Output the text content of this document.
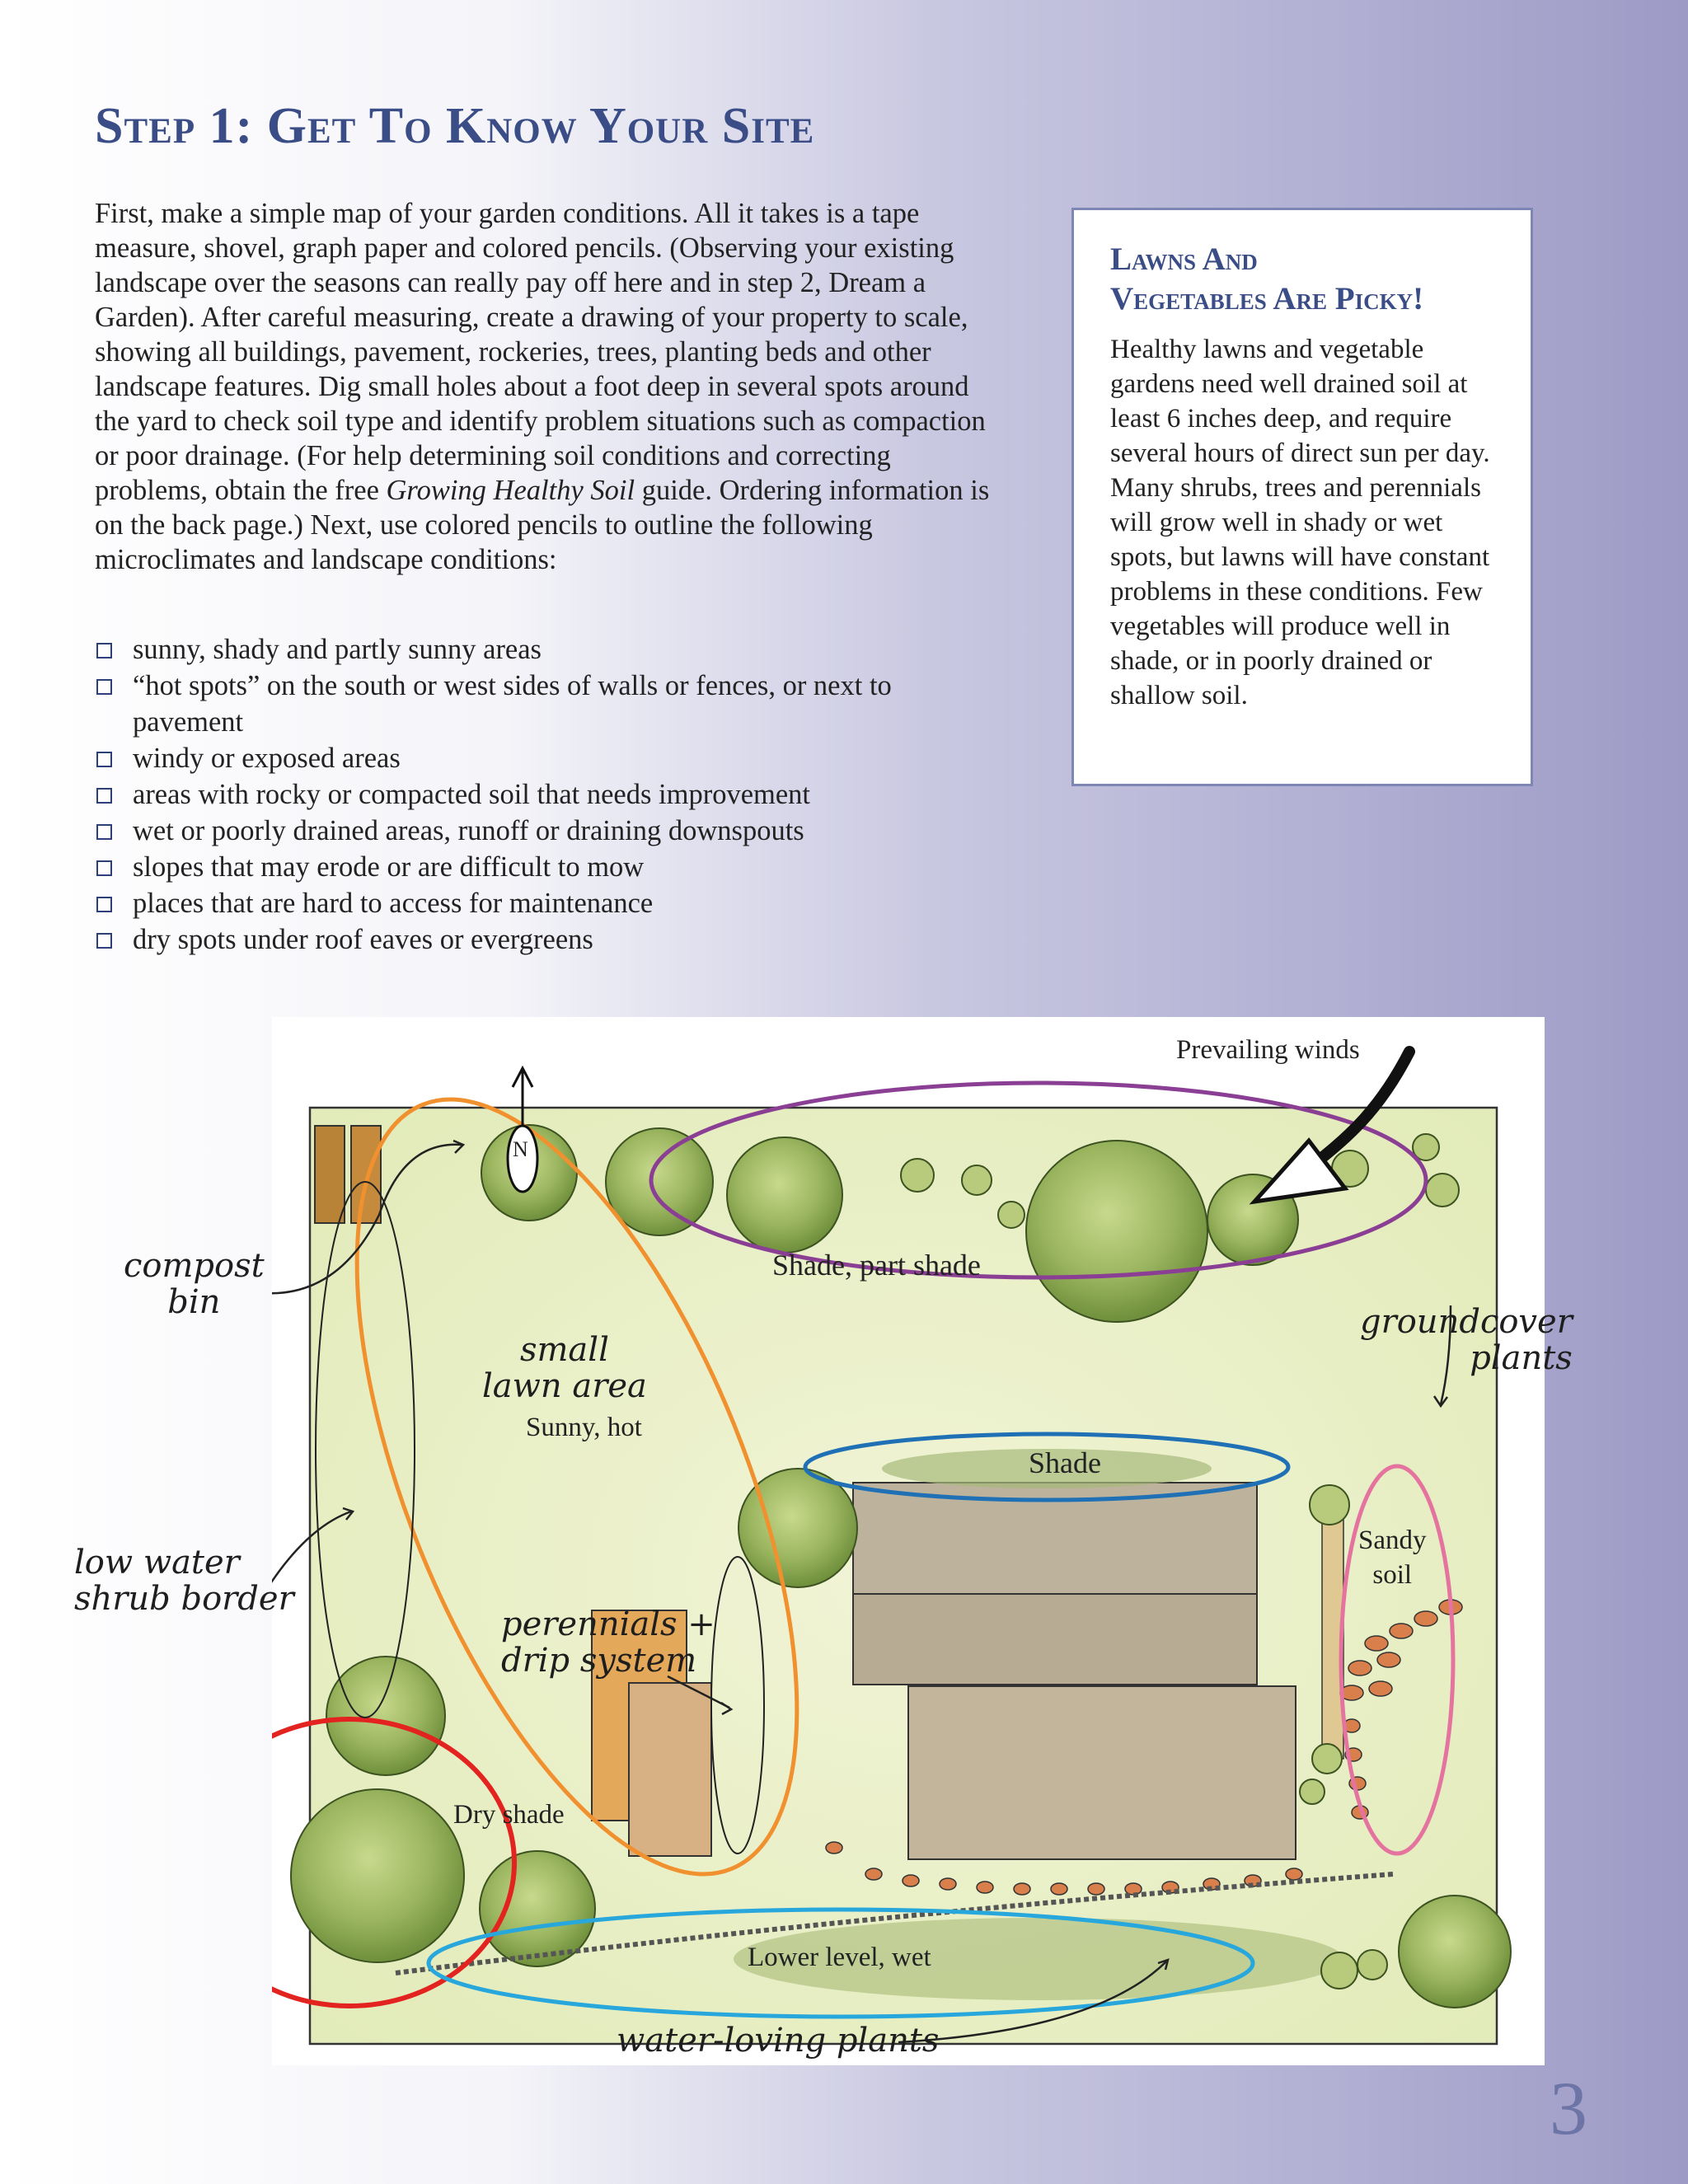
Step 1: Get To Know Your Site

First, make a simple map of your garden conditions. All it takes is a tape measure, shovel, graph paper and colored pencils. (Observing your existing landscape over the seasons can really pay off here and in step 2, Dream a Garden). After careful measuring, create a drawing of your property to scale, showing all buildings, pavement, rockeries, trees, planting beds and other landscape features. Dig small holes about a foot deep in several spots around the yard to check soil type and identify problem situations such as compaction or poor drainage. (For help determining soil conditions and correcting problems, obtain the free Growing Healthy Soil guide. Ordering information is on the back page.) Next, use colored pencils to outline the following microclimates and landscape conditions:

sunny, shady and partly sunny areas
“hot spots” on the south or west sides of walls or fences, or next to pavement
windy or exposed areas
areas with rocky or compacted soil that needs improvement
wet or poorly drained areas, runoff or draining downspouts
slopes that may erode or are difficult to mow
places that are hard to access for maintenance
dry spots under roof eaves or evergreens
Lawns And
Vegetables Are Picky!

Healthy lawns and vegetable gardens need well drained soil at least 6 inches deep, and require several hours of direct sun per day. Many shrubs, trees and perennials will grow well in shady or wet spots, but lawns will have constant problems in these conditions. Few vegetables will produce well in shade, or in poorly drained or shallow soil.

Prevailing winds
N
Shade, part shade
Sunny, hot
Shade
Sandy
soil
Dry shade
Lower level, wet
compost
bin
small
lawn area
low water
shrub border
perennials +
drip system
groundcover
plants
water-loving plants
3
